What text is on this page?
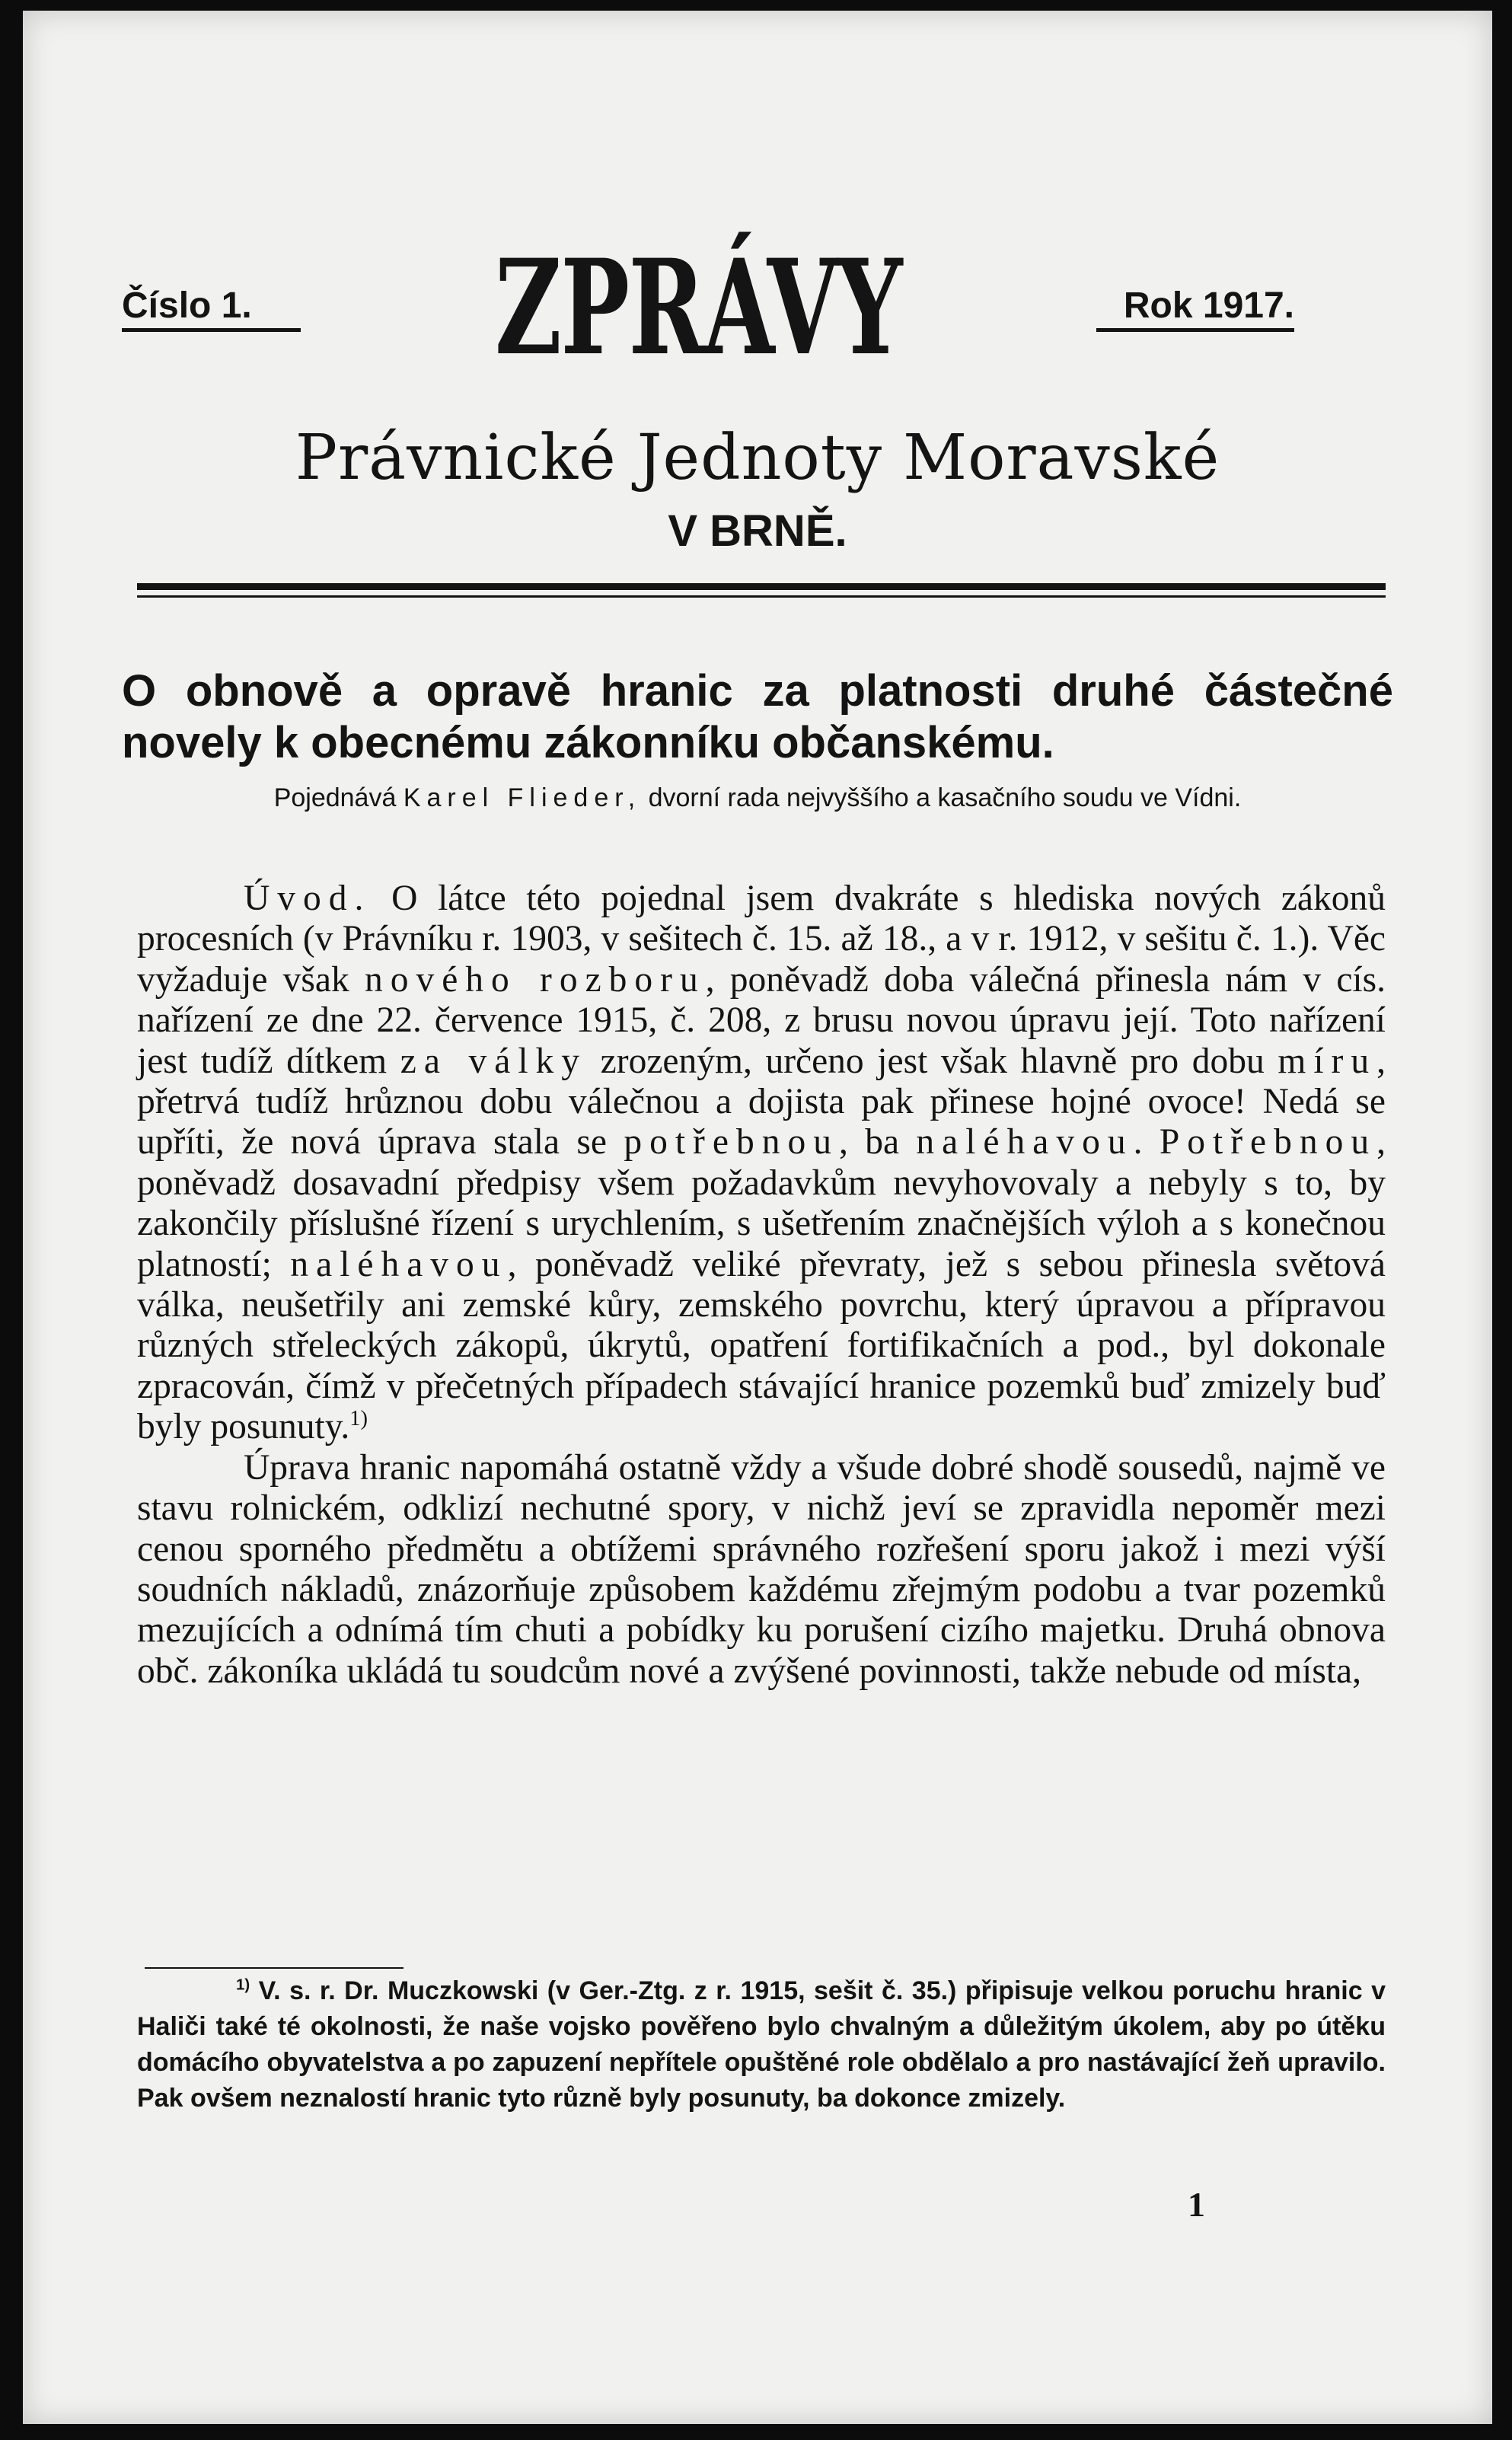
Číslo 1.	ZPRÁVY	Rok 1917.
Právnické Jednoty Moravské
V BRNĚ.
O obnově a opravě hranic za platnosti druhé částečné novely k obecnému zákonníku občanskému.
Pojednává Karel Flieder, dvorní rada nejvyššího a kasačního soudu ve Vídni.

Úvod. O látce této pojednal jsem dvakráte s hlediska nových zákonů procesních (v Právníku r. 1903, v sešitech č. 15. až 18., a v r. 1912, v sešitu č. 1.). Věc vyžaduje však nového rozboru, poněvadž doba válečná přinesla nám v cís. nařízení ze dne 22. července 1915, č. 208, z brusu novou úpravu její. Toto nařízení jest tudíž dítkem za války zrozeným, určeno jest však hlavně pro dobu míru, přetrvá tudíž hrůznou dobu válečnou a dojista pak přinese hojné ovoce! Nedá se upříti, že nová úprava stala se potřebnou, ba naléhavou. Potřebnou, poněvadž dosavadní předpisy všem požadavkům nevyhovovaly a nebyly s to, by zakončily příslušné řízení s urychlením, s ušetřením značnějších výloh a s konečnou platností; naléhavou, poněvadž veliké převraty, jež s sebou přinesla světová válka, neušetřily ani zemské kůry, zemského povrchu, který úpravou a přípravou různých střeleckých zákopů, úkrytů, opatření fortifikačních a pod., byl dokonale zpracován, čímž v přečetných případech stávající hranice pozemků buď zmizely buď byly posunuty.$^{1)}$

Úprava hranic napomáhá ostatně vždy a všude dobré shodě sousedů, najmě ve stavu rolnickém, odklizí nechutné spory, v nichž jeví se zpravidla nepoměr mezi cenou sporného předmětu a obtížemi správného rozřešení sporu jakož i mezi výší soudních nákladů, znázorňuje způsobem každému zřejmým podobu a tvar pozemků mezujících a odnímá tím chuti a pobídky ku porušení cizího majetku. Druhá obnova obč. zákoníka ukládá tu soudcům nové a zvýšené povinnosti, takže nebude od místa,

$^{1)}$ V. s. r. Dr. Muczkowski (v Ger.-Ztg. z r. 1915, sešit č. 35.) připisuje velkou poruchu hranic v Haliči také té okolnosti, že naše vojsko pověřeno bylo chvalným a důležitým úkolem, aby po útěku domácího obyvatelstva a po zapuzení nepřítele opuštěné role obdělalo a pro nastávající žeň upravilo. Pak ovšem neznalostí hranic tyto různě byly posunuty, ba dokonce zmizely.

1
